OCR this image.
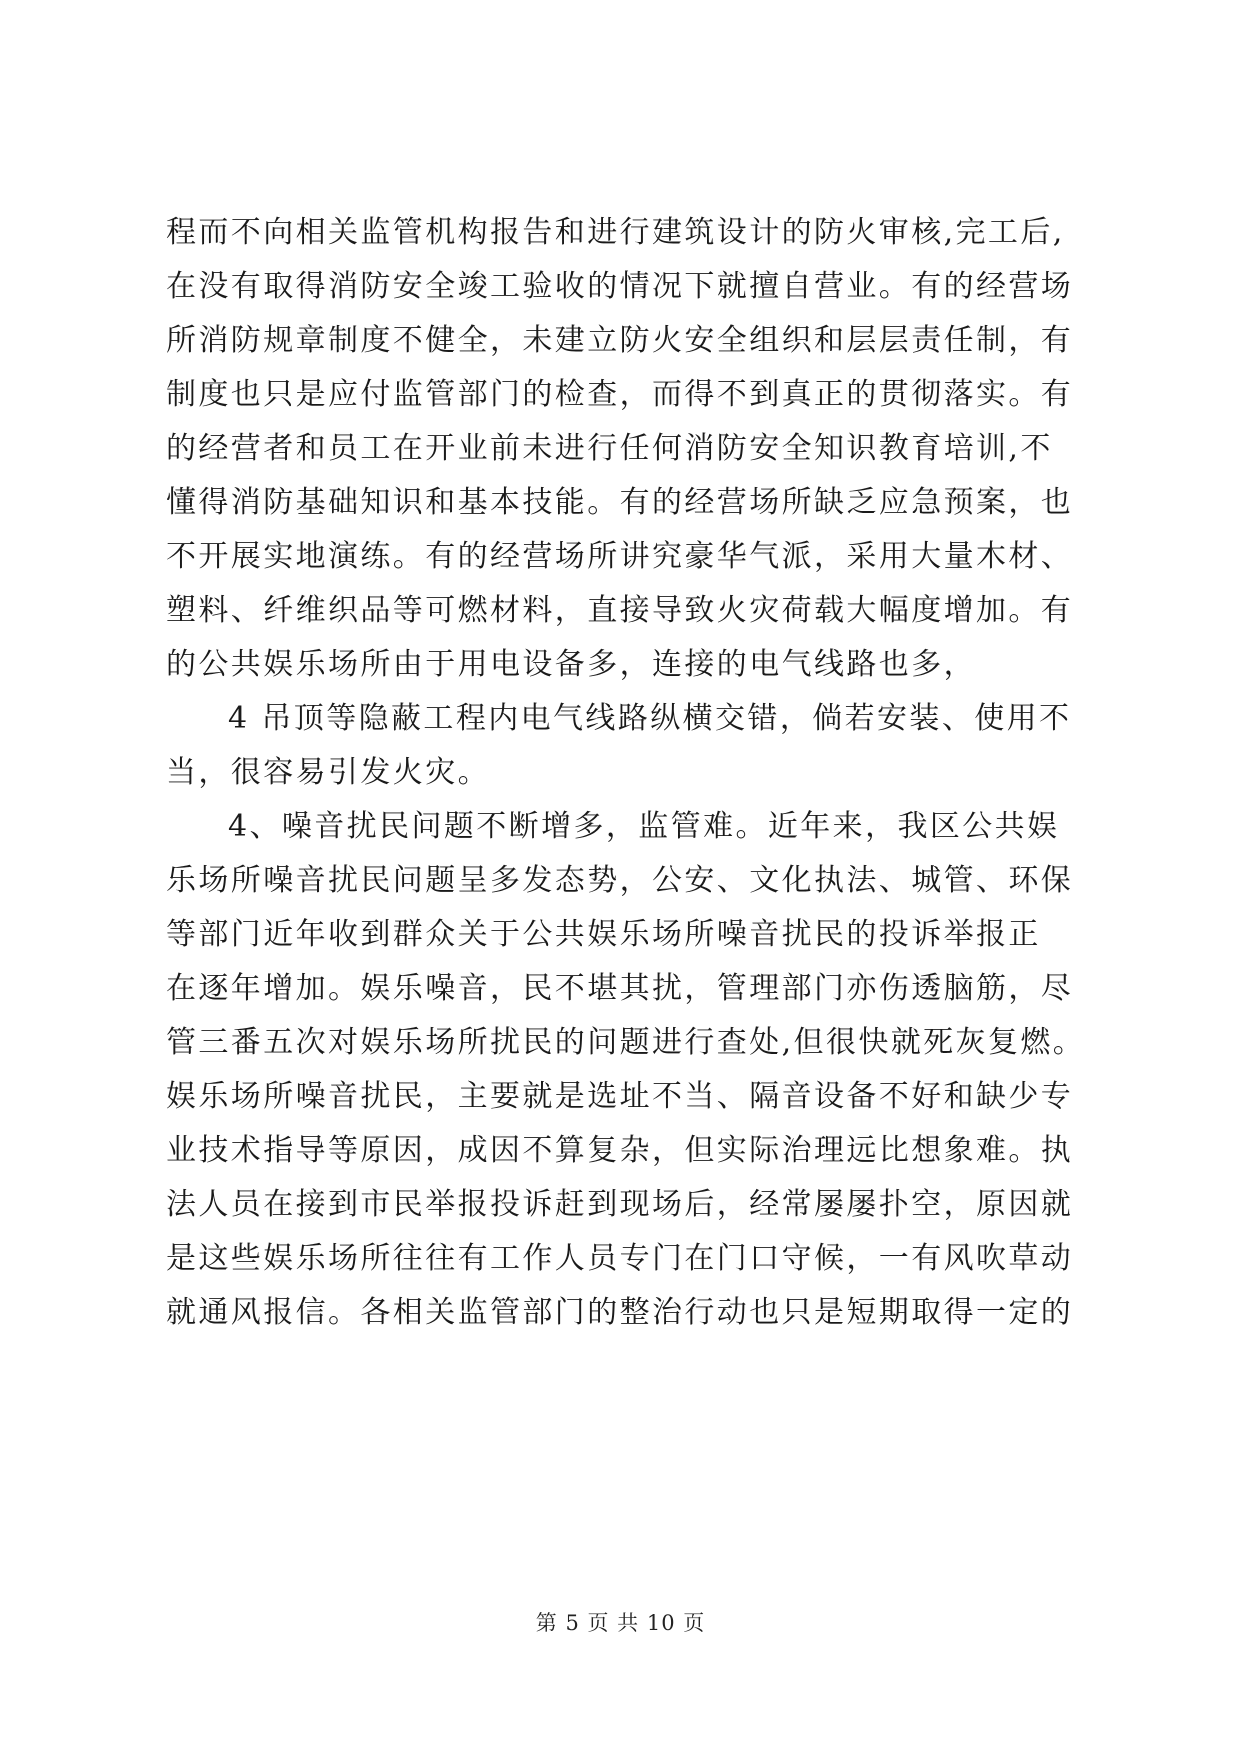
程而不向相关监管机构报告和进行建筑设计的防火审核,完工后,
在没有取得消防安全竣工验收的情况下就擅自营业。有的经营场
所消防规章制度不健全，未建立防火安全组织和层层责任制，有
制度也只是应付监管部门的检查，而得不到真正的贯彻落实。有
的经营者和员工在开业前未进行任何消防安全知识教育培训,不
懂得消防基础知识和基本技能。有的经营场所缺乏应急预案，也
不开展实地演练。有的经营场所讲究豪华气派，采用大量木材、
塑料、纤维织品等可燃材料，直接导致火灾荷载大幅度增加。有
的公共娱乐场所由于用电设备多，连接的电气线路也多，
4 吊顶等隐蔽工程内电气线路纵横交错，倘若安装、使用不
当，很容易引发火灾。
4、噪音扰民问题不断增多，监管难。近年来，我区公共娱
乐场所噪音扰民问题呈多发态势，公安、文化执法、城管、环保
等部门近年收到群众关于公共娱乐场所噪音扰民的投诉举报正
在逐年增加。娱乐噪音，民不堪其扰，管理部门亦伤透脑筋，尽
管三番五次对娱乐场所扰民的问题进行查处,但很快就死灰复燃。
娱乐场所噪音扰民，主要就是选址不当、隔音设备不好和缺少专
业技术指导等原因，成因不算复杂，但实际治理远比想象难。执
法人员在接到市民举报投诉赶到现场后，经常屡屡扑空，原因就
是这些娱乐场所往往有工作人员专门在门口守候，一有风吹草动
就通风报信。各相关监管部门的整治行动也只是短期取得一定的
第 5 页 共 10 页
